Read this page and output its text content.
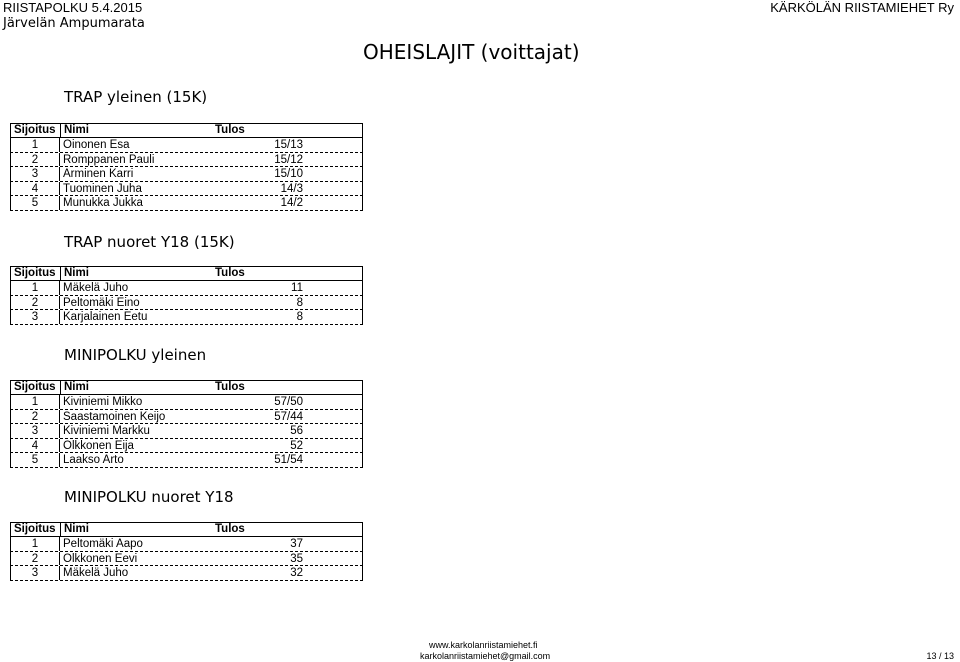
RIISTAPOLKU 5.4.2015
Järvelän Ampumarata
KÄRKÖLÄN RIISTAMIEHET Ry
OHEISLAJIT (voittajat)
TRAP yleinen (15K)
Sijoitus Nimi	Tulos
1	Oinonen Esa	15/13
2	Romppanen Pauli	15/12
3	Arminen Karri	15/10
4	Tuominen Juha	14/3
5	Munukka Jukka	14/2
TRAP nuoret Y18 (15K)
Sijoitus Nimi	Tulos
1	Mäkelä Juho	11
2	Peltomäki Eino	8
3	Karjalainen Eetu	8
MINIPOLKU yleinen
Sijoitus Nimi	Tulos
1	Kiviniemi Mikko	57/50
2	Saastamoinen Keijo	57/44
3	Kiviniemi Markku	56
4	Olkkonen Eija	52
5	Laakso Arto	51/54
MINIPOLKU nuoret Y18
Sijoitus Nimi	Tulos
1	Peltomäki Aapo	37
2	Olkkonen Eevi	35
3	Mäkelä Juho	32
www.karkolanriistamiehet.fi
karkolanriistamiehet@gmail.com	13 / 13
